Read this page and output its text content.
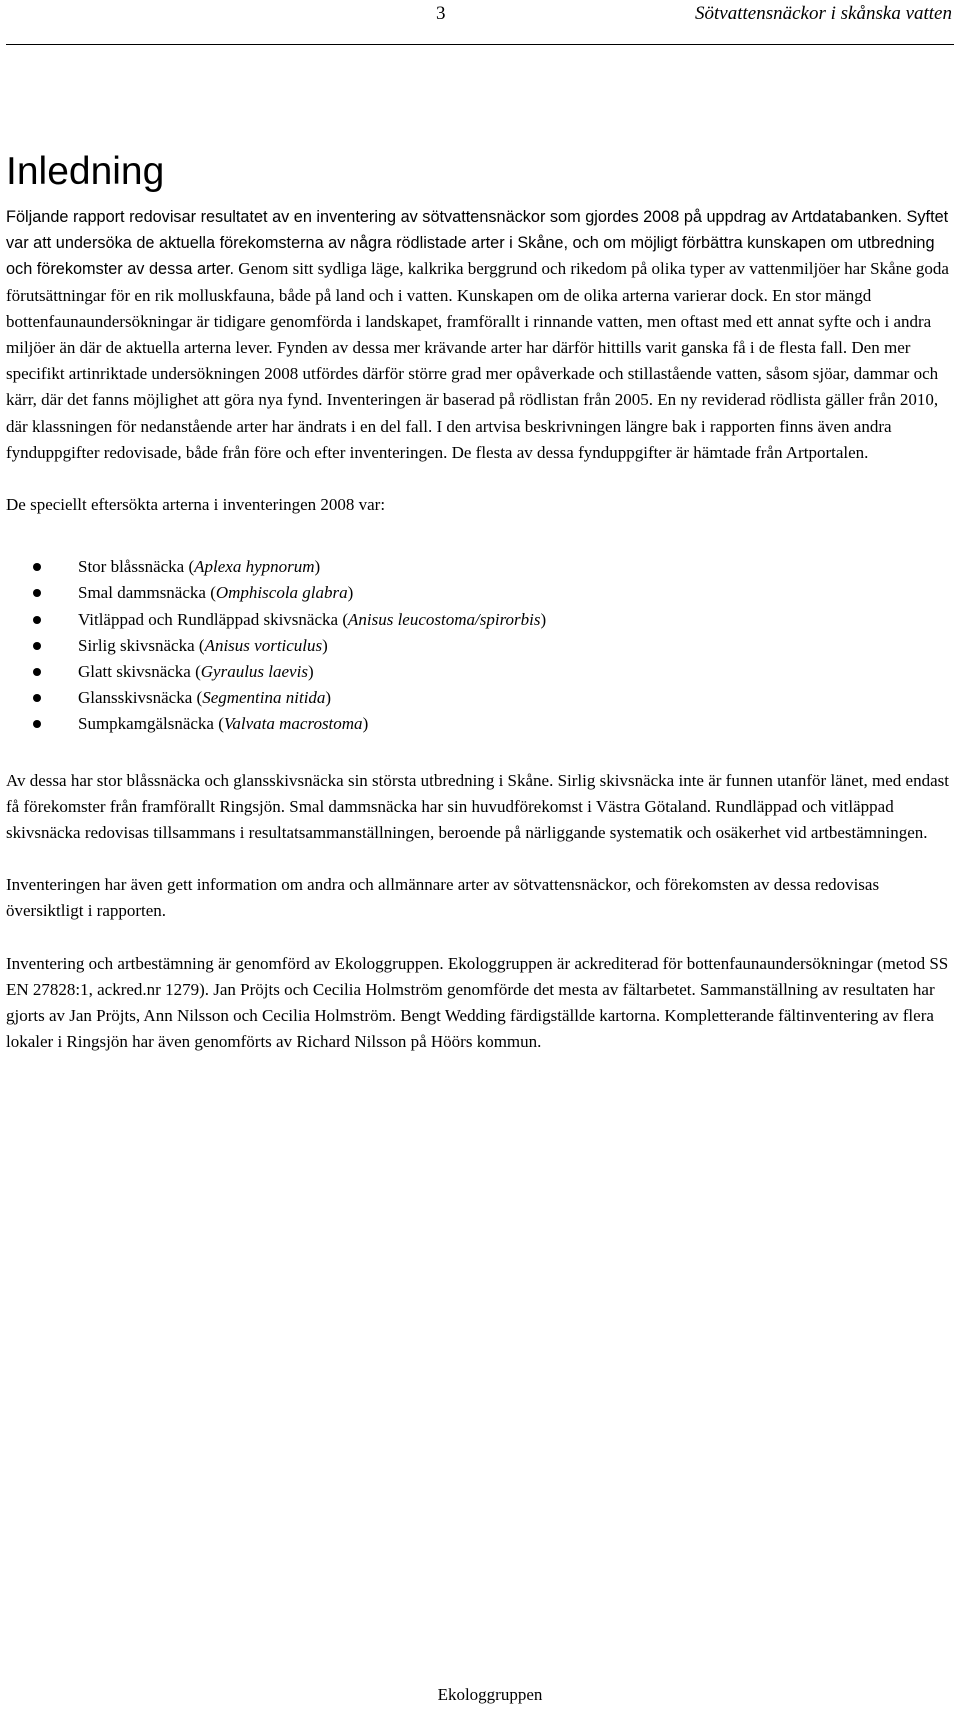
3	Sötvattensnäckor i skånska vatten
Inledning

Följande rapport redovisar resultatet av en inventering av sötvattensnäckor som gjordes 2008 på uppdrag av Artdatabanken. Syftet var att undersöka de aktuella förekomsterna av några rödlistade arter i Skåne, och om möjligt förbättra kunskapen om utbredning och förekomster av dessa arter. Genom sitt sydliga läge, kalkrika berggrund och rikedom på olika typer av vattenmiljöer har Skåne goda förutsättningar för en rik molluskfauna, både på land och i vatten. Kunskapen om de olika arterna varierar dock. En stor mängd bottenfaunaundersökningar är tidigare genomförda i landskapet, framförallt i rinnande vatten, men oftast med ett annat syfte och i andra miljöer än där de aktuella arterna lever. Fynden av dessa mer krävande arter har därför hittills varit ganska få i de flesta fall. Den mer specifikt artinriktade undersökningen 2008 utfördes därför större grad mer opåverkade och stillastående vatten, såsom sjöar, dammar och kärr, där det fanns möjlighet att göra nya fynd. Inventeringen är baserad på rödlistan från 2005. En ny reviderad rödlista gäller från 2010, där klassningen för nedanstående arter har ändrats i en del fall. I den artvisa beskrivningen längre bak i rapporten finns även andra fynduppgifter redovisade, både från före och efter inventeringen. De flesta av dessa fynduppgifter är hämtade från Artportalen.

De speciellt eftersökta arterna i inventeringen 2008 var:

Stor blåssnäcka (Aplexa hypnorum)
Smal dammsnäcka (Omphiscola glabra)
Vitläppad och Rundläppad skivsnäcka (Anisus leucostoma/spirorbis)
Sirlig skivsnäcka (Anisus vorticulus)
Glatt skivsnäcka (Gyraulus laevis)
Glansskivsnäcka (Segmentina nitida)
Sumpkamgälsnäcka (Valvata macrostoma)

Av dessa har stor blåssnäcka och glansskivsnäcka sin största utbredning i Skåne. Sirlig skivsnäcka inte är funnen utanför länet, med endast få förekomster från framförallt Ringsjön. Smal dammsnäcka har sin huvudförekomst i Västra Götaland. Rundläppad och vitläppad skivsnäcka redovisas tillsammans i resultatsammanställningen, beroende på närliggande systematik och osäkerhet vid artbestämningen.

Inventeringen har även gett information om andra och allmännare arter av sötvattensnäckor, och förekomsten av dessa redovisas översiktligt i rapporten.

Inventering och artbestämning är genomförd av Ekologgruppen. Ekologgruppen är ackrediterad för bottenfaunaundersökningar (metod SS EN 27828:1, ackred.nr 1279). Jan Pröjts och Cecilia Holmström genomförde det mesta av fältarbetet. Sammanställning av resultaten har gjorts av Jan Pröjts, Ann Nilsson och Cecilia Holmström. Bengt Wedding färdigställde kartorna. Kompletterande fältinventering av flera lokaler i Ringsjön har även genomförts av Richard Nilsson på Höörs kommun.

Ekologgruppen
